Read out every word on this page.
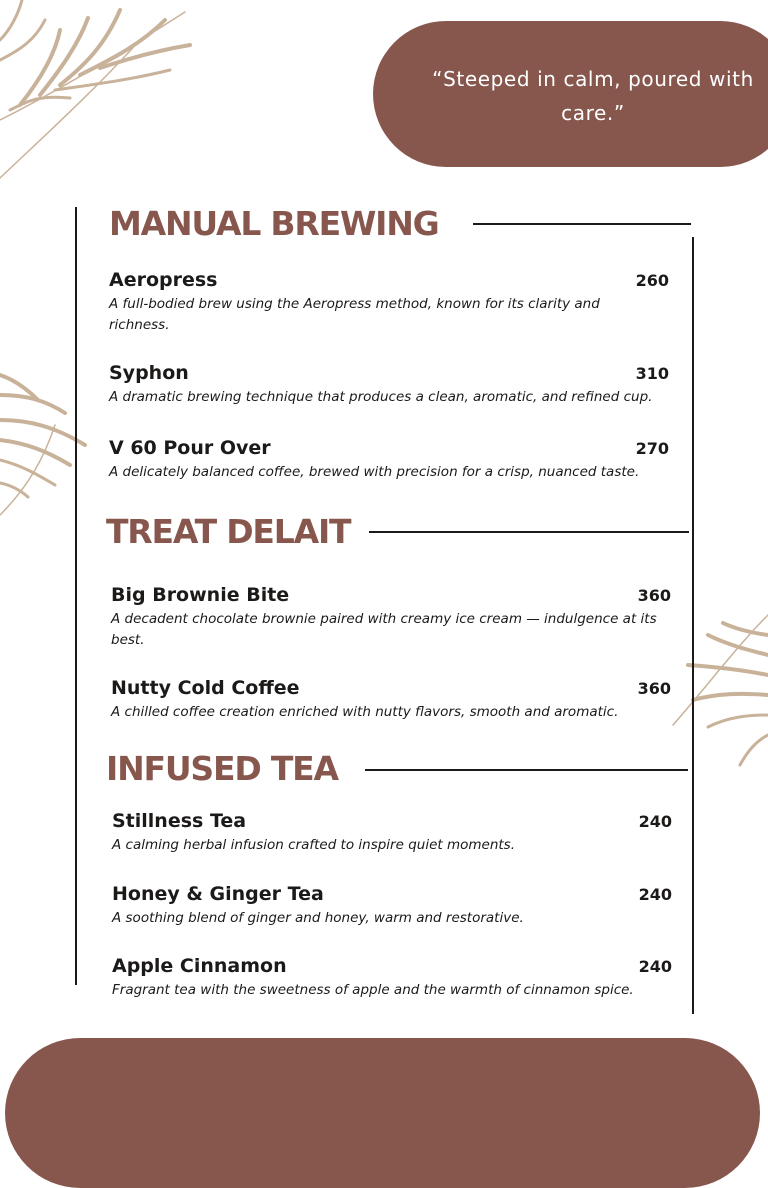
“Steeped in calm, poured with care.”
MANUAL BREWING
Aeropress	260
A full-bodied brew using the Aeropress method, known for its clarity and richness.
Syphon	310
A dramatic brewing technique that produces a clean, aromatic, and refined cup.
V 60 Pour Over	270
A delicately balanced coffee, brewed with precision for a crisp, nuanced taste.
TREAT DELAIT
Big Brownie Bite	360
A decadent chocolate brownie paired with creamy ice cream — indulgence at its best.
Nutty Cold Coffee	360
A chilled coffee creation enriched with nutty flavors, smooth and aromatic.
INFUSED TEA
Stillness Tea	240
A calming herbal infusion crafted to inspire quiet moments.
Honey & Ginger Tea	240
A soothing blend of ginger and honey, warm and restorative.
Apple Cinnamon	240
Fragrant tea with the sweetness of apple and the warmth of cinnamon spice.
